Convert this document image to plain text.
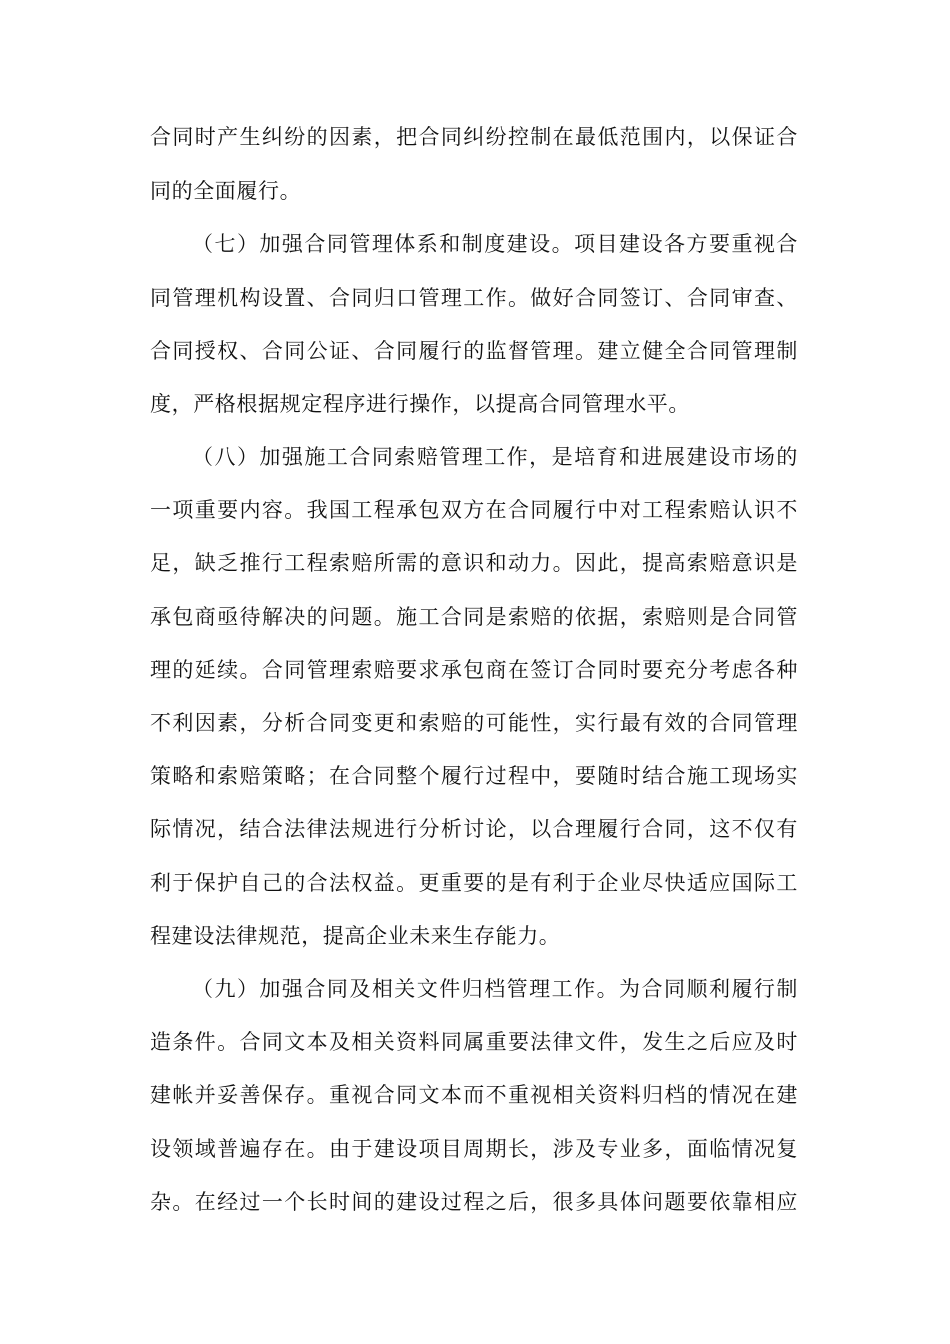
合同时产生纠纷的因素，把合同纠纷控制在最低范围内，以保证合
同的全面履行。
（七）加强合同管理体系和制度建设。项目建设各方要重视合
同管理机构设置、合同归口管理工作。做好合同签订、合同审查、
合同授权、合同公证、合同履行的监督管理。建立健全合同管理制
度，严格根据规定程序进行操作，以提高合同管理水平。
（八）加强施工合同索赔管理工作，是培育和进展建设市场的
一项重要内容。我国工程承包双方在合同履行中对工程索赔认识不
足，缺乏推行工程索赔所需的意识和动力。因此，提高索赔意识是
承包商亟待解决的问题。施工合同是索赔的依据，索赔则是合同管
理的延续。合同管理索赔要求承包商在签订合同时要充分考虑各种
不利因素，分析合同变更和索赔的可能性，实行最有效的合同管理
策略和索赔策略；在合同整个履行过程中，要随时结合施工现场实
际情况，结合法律法规进行分析讨论，以合理履行合同，这不仅有
利于保护自己的合法权益。更重要的是有利于企业尽快适应国际工
程建设法律规范，提高企业未来生存能力。
（九）加强合同及相关文件归档管理工作。为合同顺利履行制
造条件。合同文本及相关资料同属重要法律文件，发生之后应及时
建帐并妥善保存。重视合同文本而不重视相关资料归档的情况在建
设领域普遍存在。由于建设项目周期长，涉及专业多，面临情况复
杂。在经过一个长时间的建设过程之后，很多具体问题要依靠相应
